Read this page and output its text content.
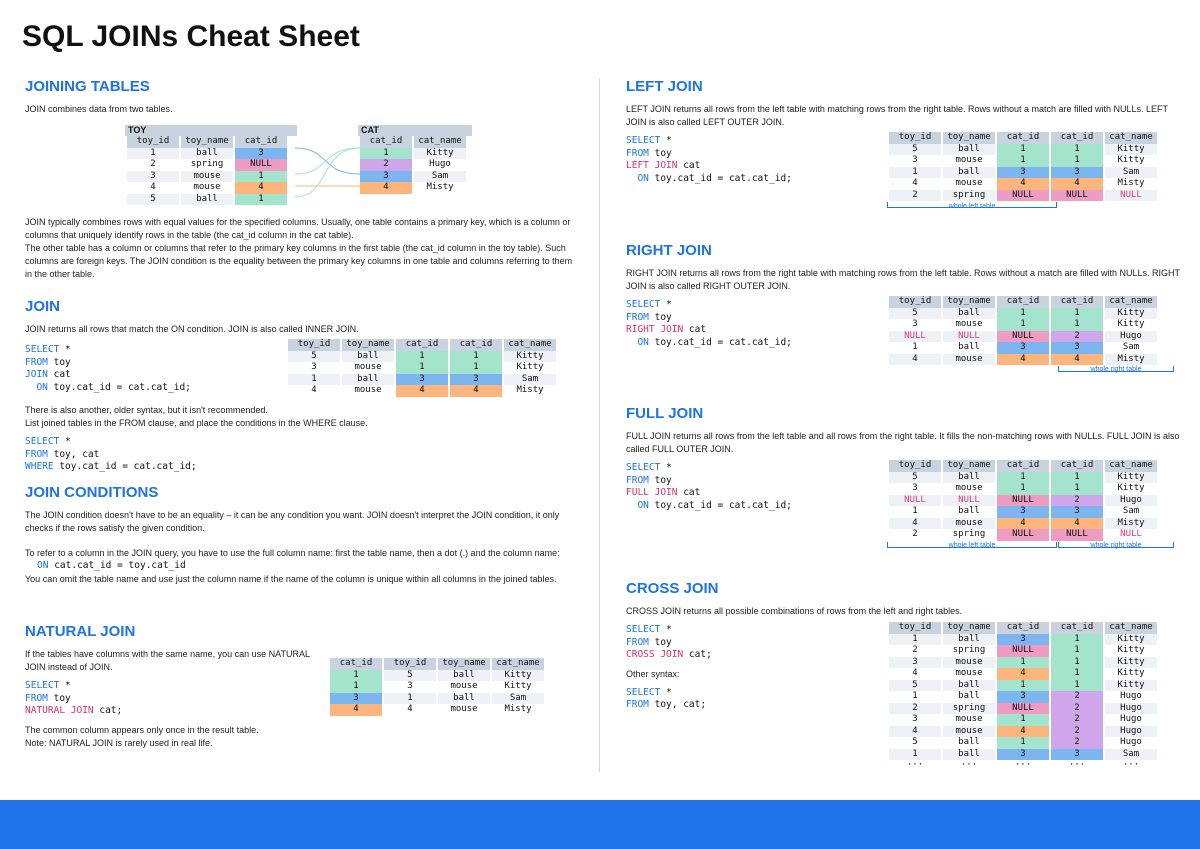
SQL JOINs Cheat Sheet
JOINING TABLES
JOIN combines data from two tables.
TOY
toy_id	toy_name	cat_id
1	ball	3
2	spring	NULL
3	mouse	1
4	mouse	4
5	ball	1
CAT
cat_id	cat_name
1	Kitty
2	Hugo
3	Sam
4	Misty
JOIN typically combines rows with equal values for the specified columns. Usually, one table contains a primary key, which is a column or columns that uniquely identify rows in the table (the cat_id column in the cat table).
The other table has a column or columns that refer to the primary key columns in the first table (the cat_id column in the toy table). Such columns are foreign keys. The JOIN condition is the equality between the primary key columns in one table and columns referring to them in the other table.
JOIN
JOIN returns all rows that match the ON condition. JOIN is also called INNER JOIN.
SELECT *
FROM toy
JOIN cat
ON toy.cat_id = cat.cat_id;
There is also another, older syntax, but it isn't recommended.
List joined tables in the FROM clause, and place the conditions in the WHERE clause.
SELECT *
FROM toy, cat
WHERE toy.cat_id = cat.cat_id;
toy_id	toy_name	cat_id	cat_id	cat_name
5	ball	1	1	Kitty
3	mouse	1	1	Kitty
1	ball	3	3	Sam
4	mouse	4	4	Misty
JOIN CONDITIONS
The JOIN condition doesn't have to be an equality – it can be any condition you want. JOIN doesn't interpret the JOIN condition, it only checks if the rows satisfy the given condition.
To refer to a column in the JOIN query, you have to use the full column name: first the table name, then a dot (.) and the column name:
ON cat.cat_id = toy.cat_id
You can omit the table name and use just the column name if the name of the column is unique within all columns in the joined tables.
NATURAL JOIN
If the tables have columns with the same name, you can use NATURAL JOIN instead of JOIN.
SELECT *
FROM toy
NATURAL JOIN cat;
The common column appears only once in the result table.
Note: NATURAL JOIN is rarely used in real life.
cat_id	toy_id	toy_name	cat_name
1	5	ball	Kitty
1	3	mouse	Kitty
3	1	ball	Sam
4	4	mouse	Misty
LEFT JOIN
LEFT JOIN returns all rows from the left table with matching rows from the right table. Rows without a match are filled with NULLs. LEFT JOIN is also called LEFT OUTER JOIN.
SELECT *
FROM toy
LEFT JOIN cat
ON toy.cat_id = cat.cat_id;
toy_id	toy_name	cat_id	cat_id	cat_name
5	ball	1	1	Kitty
3	mouse	1	1	Kitty
1	ball	3	3	Sam
4	mouse	4	4	Misty
2	spring	NULL	NULL	NULL
whole left table
RIGHT JOIN
RIGHT JOIN returns all rows from the right table with matching rows from the left table. Rows without a match are filled with NULLs. RIGHT JOIN is also called RIGHT OUTER JOIN.
SELECT *
FROM toy
RIGHT JOIN cat
ON toy.cat_id = cat.cat_id;
toy_id	toy_name	cat_id	cat_id	cat_name
5	ball	1	1	Kitty
3	mouse	1	1	Kitty
NULL	NULL	NULL	2	Hugo
1	ball	3	3	Sam
4	mouse	4	4	Misty
whole right table
FULL JOIN
FULL JOIN returns all rows from the left table and all rows from the right table. It fills the non-matching rows with NULLs. FULL JOIN is also called FULL OUTER JOIN.
SELECT *
FROM toy
FULL JOIN cat
ON toy.cat_id = cat.cat_id;
toy_id	toy_name	cat_id	cat_id	cat_name
5	ball	1	1	Kitty
3	mouse	1	1	Kitty
NULL	NULL	NULL	2	Hugo
1	ball	3	3	Sam
4	mouse	4	4	Misty
2	spring	NULL	NULL	NULL
whole left table	whole right table
CROSS JOIN
CROSS JOIN returns all possible combinations of rows from the left and right tables.
SELECT *
FROM toy
CROSS JOIN cat;
Other syntax:
SELECT *
FROM toy, cat;
toy_id	toy_name	cat_id	cat_id	cat_name
1	ball	3	1	Kitty
2	spring	NULL	1	Kitty
3	mouse	1	1	Kitty
4	mouse	4	1	Kitty
5	ball	1	1	Kitty
1	ball	3	2	Hugo
2	spring	NULL	2	Hugo
3	mouse	1	2	Hugo
4	mouse	4	2	Hugo
5	ball	1	2	Hugo
1	ball	3	3	Sam
···	···	···	···	···
